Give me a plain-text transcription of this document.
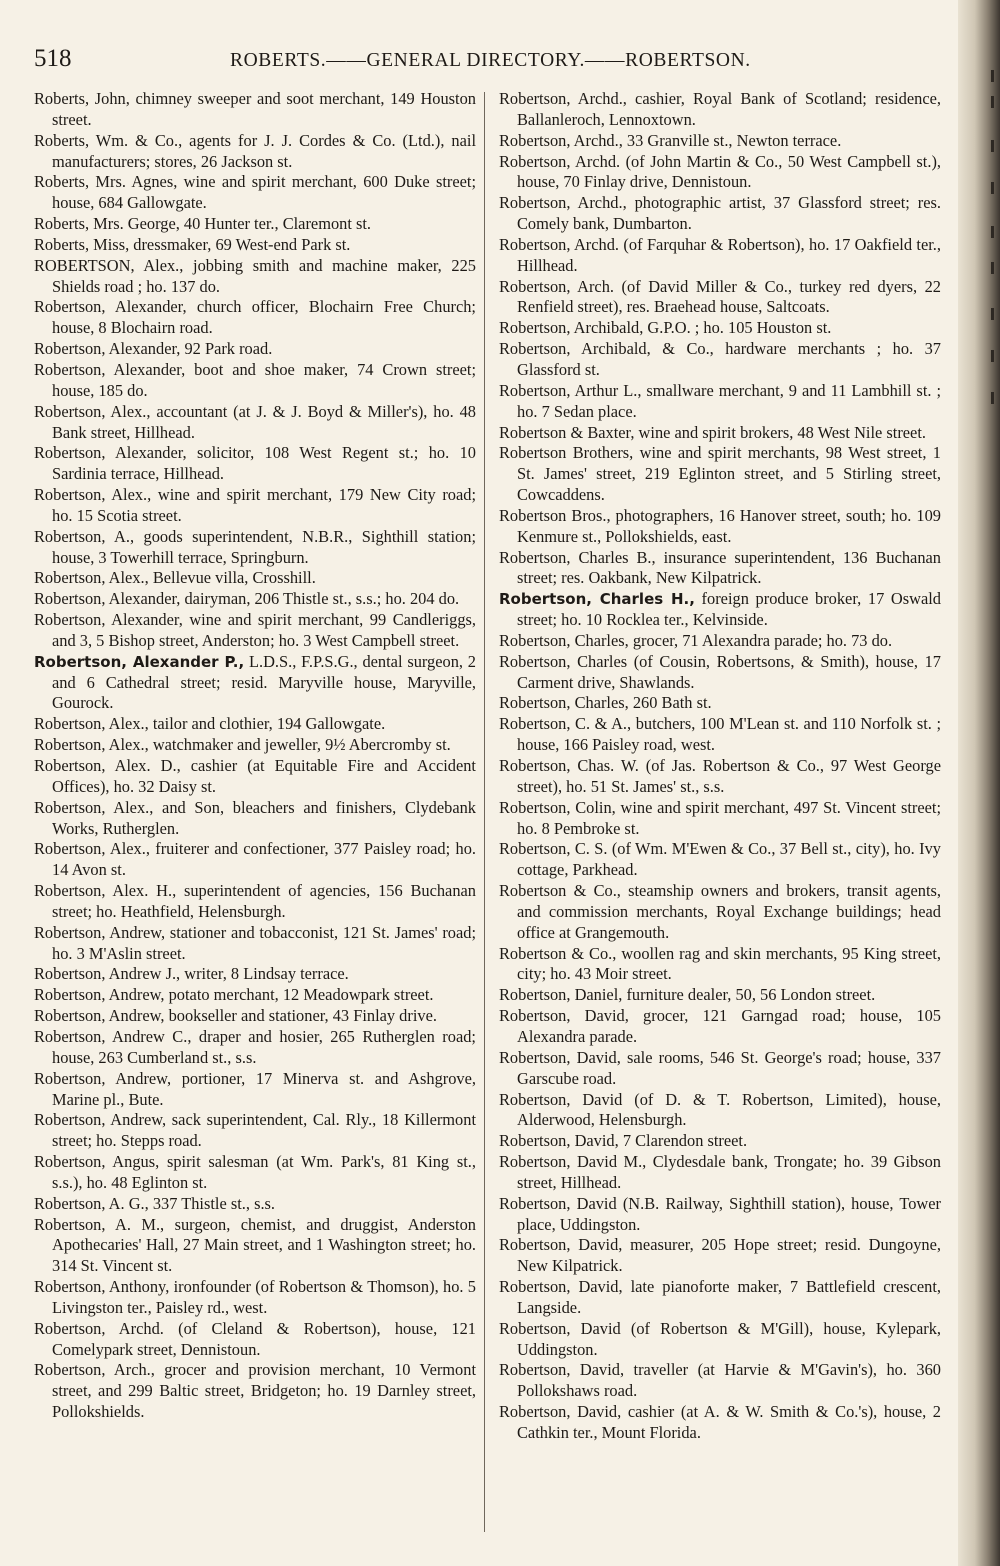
518	ROBERTS.——GENERAL DIRECTORY.——ROBERTSON.

Roberts, John, chimney sweeper and soot merchant, 149 Houston street.

Roberts, Wm. & Co., agents for J. J. Cordes & Co. (Ltd.), nail manufacturers; stores, 26 Jackson st.

Roberts, Mrs. Agnes, wine and spirit merchant, 600 Duke street; house, 684 Gallowgate.

Roberts, Mrs. George, 40 Hunter ter., Claremont st.

Roberts, Miss, dressmaker, 69 West-end Park st.

ROBERTSON, Alex., jobbing smith and machine maker, 225 Shields road ; ho. 137 do.

Robertson, Alexander, church officer, Blochairn Free Church; house, 8 Blochairn road.

Robertson, Alexander, 92 Park road.

Robertson, Alexander, boot and shoe maker, 74 Crown street; house, 185 do.

Robertson, Alex., accountant (at J. & J. Boyd & Miller's), ho. 48 Bank street, Hillhead.

Robertson, Alexander, solicitor, 108 West Regent st.; ho. 10 Sardinia terrace, Hillhead.

Robertson, Alex., wine and spirit merchant, 179 New City road; ho. 15 Scotia street.

Robertson, A., goods superintendent, N.B.R., Sighthill station; house, 3 Towerhill terrace, Springburn.

Robertson, Alex., Bellevue villa, Crosshill.

Robertson, Alexander, dairyman, 206 Thistle st., s.s.; ho. 204 do.

Robertson, Alexander, wine and spirit merchant, 99 Candleriggs, and 3, 5 Bishop street, Anderston; ho. 3 West Campbell street.

Robertson, Alexander P., L.D.S., F.P.S.G., dental surgeon, 2 and 6 Cathedral street; resid. Maryville house, Maryville, Gourock.

Robertson, Alex., tailor and clothier, 194 Gallowgate.

Robertson, Alex., watchmaker and jeweller, 9½ Abercromby st.

Robertson, Alex. D., cashier (at Equitable Fire and Accident Offices), ho. 32 Daisy st.

Robertson, Alex., and Son, bleachers and finishers, Clydebank Works, Rutherglen.

Robertson, Alex., fruiterer and confectioner, 377 Paisley road; ho. 14 Avon st.

Robertson, Alex. H., superintendent of agencies, 156 Buchanan street; ho. Heathfield, Helensburgh.

Robertson, Andrew, stationer and tobacconist, 121 St. James' road; ho. 3 M'Aslin street.

Robertson, Andrew J., writer, 8 Lindsay terrace.

Robertson, Andrew, potato merchant, 12 Meadowpark street.

Robertson, Andrew, bookseller and stationer, 43 Finlay drive.

Robertson, Andrew C., draper and hosier, 265 Rutherglen road; house, 263 Cumberland st., s.s.

Robertson, Andrew, portioner, 17 Minerva st. and Ashgrove, Marine pl., Bute.

Robertson, Andrew, sack superintendent, Cal. Rly., 18 Killermont street; ho. Stepps road.

Robertson, Angus, spirit salesman (at Wm. Park's, 81 King st., s.s.), ho. 48 Eglinton st.

Robertson, A. G., 337 Thistle st., s.s.

Robertson, A. M., surgeon, chemist, and druggist, Anderston Apothecaries' Hall, 27 Main street, and 1 Washington street; ho. 314 St. Vincent st.

Robertson, Anthony, ironfounder (of Robertson & Thomson), ho. 5 Livingston ter., Paisley rd., west.

Robertson, Archd. (of Cleland & Robertson), house, 121 Comelypark street, Dennistoun.

Robertson, Arch., grocer and provision merchant, 10 Vermont street, and 299 Baltic street, Bridgeton; ho. 19 Darnley street, Pollokshields.

Robertson, Archd., cashier, Royal Bank of Scotland; residence, Ballanleroch, Lennoxtown.

Robertson, Archd., 33 Granville st., Newton terrace.

Robertson, Archd. (of John Martin & Co., 50 West Campbell st.), house, 70 Finlay drive, Dennistoun.

Robertson, Archd., photographic artist, 37 Glassford street; res. Comely bank, Dumbarton.

Robertson, Archd. (of Farquhar & Robertson), ho. 17 Oakfield ter., Hillhead.

Robertson, Arch. (of David Miller & Co., turkey red dyers, 22 Renfield street), res. Braehead house, Saltcoats.

Robertson, Archibald, G.P.O. ; ho. 105 Houston st.

Robertson, Archibald, & Co., hardware merchants ; ho. 37 Glassford st.

Robertson, Arthur L., smallware merchant, 9 and 11 Lambhill st. ; ho. 7 Sedan place.

Robertson & Baxter, wine and spirit brokers, 48 West Nile street.

Robertson Brothers, wine and spirit merchants, 98 West street, 1 St. James' street, 219 Eglinton street, and 5 Stirling street, Cowcaddens.

Robertson Bros., photographers, 16 Hanover street, south; ho. 109 Kenmure st., Pollokshields, east.

Robertson, Charles B., insurance superintendent, 136 Buchanan street; res. Oakbank, New Kilpatrick.

Robertson, Charles H., foreign produce broker, 17 Oswald street; ho. 10 Rocklea ter., Kelvinside.

Robertson, Charles, grocer, 71 Alexandra parade; ho. 73 do.

Robertson, Charles (of Cousin, Robertsons, & Smith), house, 17 Carment drive, Shawlands.

Robertson, Charles, 260 Bath st.

Robertson, C. & A., butchers, 100 M'Lean st. and 110 Norfolk st. ; house, 166 Paisley road, west.

Robertson, Chas. W. (of Jas. Robertson & Co., 97 West George street), ho. 51 St. James' st., s.s.

Robertson, Colin, wine and spirit merchant, 497 St. Vincent street; ho. 8 Pembroke st.

Robertson, C. S. (of Wm. M'Ewen & Co., 37 Bell st., city), ho. Ivy cottage, Parkhead.

Robertson & Co., steamship owners and brokers, transit agents, and commission merchants, Royal Exchange buildings; head office at Grangemouth.

Robertson & Co., woollen rag and skin merchants, 95 King street, city; ho. 43 Moir street.

Robertson, Daniel, furniture dealer, 50, 56 London street.

Robertson, David, grocer, 121 Garngad road; house, 105 Alexandra parade.

Robertson, David, sale rooms, 546 St. George's road; house, 337 Garscube road.

Robertson, David (of D. & T. Robertson, Limited), house, Alderwood, Helensburgh.

Robertson, David, 7 Clarendon street.

Robertson, David M., Clydesdale bank, Trongate; ho. 39 Gibson street, Hillhead.

Robertson, David (N.B. Railway, Sighthill station), house, Tower place, Uddingston.

Robertson, David, measurer, 205 Hope street; resid. Dungoyne, New Kilpatrick.

Robertson, David, late pianoforte maker, 7 Battlefield crescent, Langside.

Robertson, David (of Robertson & M'Gill), house, Kylepark, Uddingston.

Robertson, David, traveller (at Harvie & M'Gavin's), ho. 360 Pollokshaws road.

Robertson, David, cashier (at A. & W. Smith & Co.'s), house, 2 Cathkin ter., Mount Florida.
